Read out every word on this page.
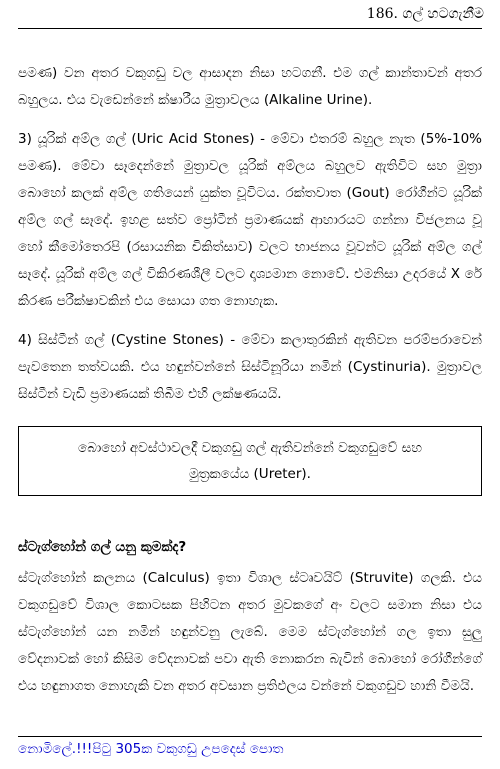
186. ගල් හටගැනීම

පමණ) වන අතර වකුගඩු වල ආසාදන නිසා හටගනී. එම ගල් කාන්තාවන් අතර බහුලය. එය වැඩෙන්නේ ක්ෂාරීය මුත්‍රාවලය (Alkaline Urine).

3) යූරික් අම්ල ගල් (Uric Acid Stones) - මේවා එතරම් බහුල නැත (5%-10% පමණ). මේවා සෑදෙන්නේ මුත්‍රාවල යූරික් අම්ලය බහුලව ඇතිවිට සහ මුත්‍රා බොහෝ කලක් අම්ල ගතියෙන් යුක්ත වූවිටය. රක්තවාත (Gout) රෝගීන්ට යූරික් අම්ල ගල් සෑදේ. ඉහළ සත්ව ප්‍රෝටීන් ප්‍රමාණයක් ආහාරයට ගන්නා විජලනය වූ හෝ කීමෝතෙරපි (රසායනික චිකිත්සාව) වලට භාජනය වූවන්ට යූරික් අම්ල ගල් සෑදේ. යූරික් අම්ල ගල් විකිරණශීලී වලට දෘශ්‍යමාන නොවේ. එමනිසා උදරයේ X රේ කිරණ පරීක්ෂාවකින් එය සොයා ගත නොහැක.

4) සිස්ටීන් ගල් (Cystine Stones) - මේවා කලාතුරකින් ඇතිවන පරම්පරාවෙන් පැවතෙන තත්වයකි. එය හඳුන්වන්නේ සිස්ටිනූරියා නමින් (Cystinuria). මුත්‍රාවල සිස්ටීන් වැඩි ප්‍රමාණයක් තිබීම එහි ලක්ෂණයයි.

බොහෝ අවස්ථාවලදී වකුගඩු ගල් ඇතිවන්නේ වකුගඩුවේ සහ

මුත්‍රකයේය (Ureter).

ස්ටැග්හෝන් ගල් යනු කුමක්ද?

ස්ටැග්හෝන් කලනය (Calculus) ඉතා විශාල ස්ට්‍රුවයිට් (Struvite) ගලකි. එය වකුගඩුවේ විශාල කොටසක පිහිටන අතර මුවකගේ අං වලට සමාන නිසා එය ස්ටැග්හෝන් යන නමින් හඳුන්වනු ලැබේ. මෙම ස්ටැග්හෝන් ගල ඉතා සුලු වේදනාවක් හෝ කිසිම වේදනාවක් පවා ඇති නොකරන බැවින් බොහෝ රෝගීන්ගේ එය හඳුනාගත නොහැකි වන අතර අවසාන ප්‍රතිඵලය වන්නේ වකුගඩුව හානි වීමයි.

නොමිලේ.!!!පිටු 305ක වකුගඩු උපදෙස් පොත
